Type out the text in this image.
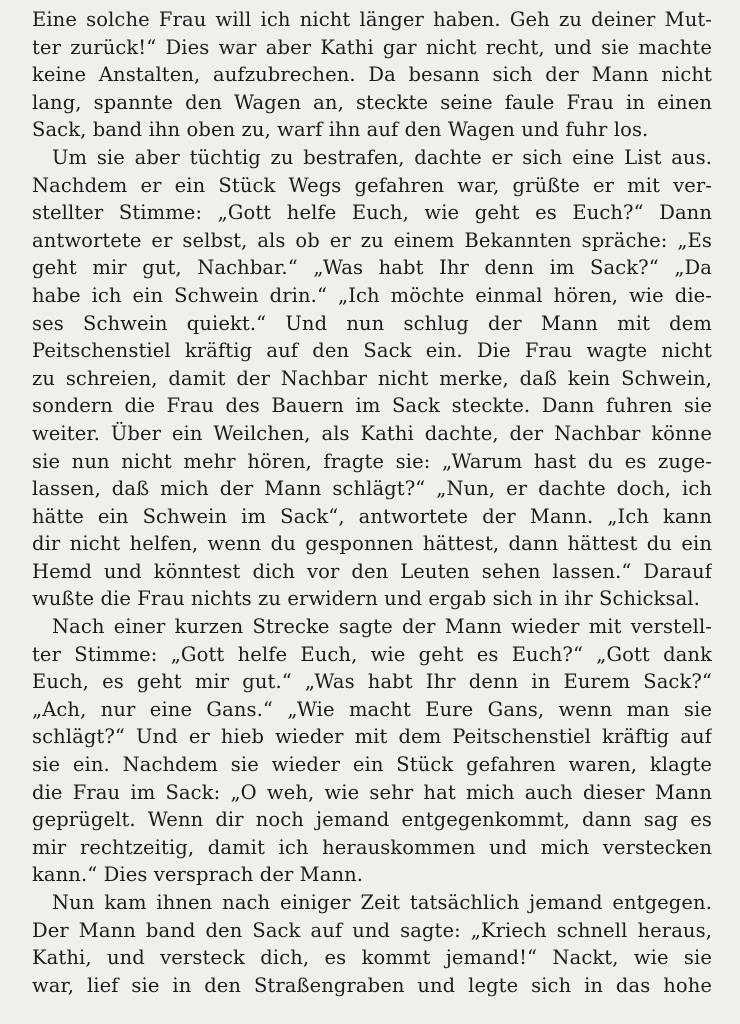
Eine solche Frau will ich nicht länger haben. Geh zu deiner Mut-
ter zurück!“ Dies war aber Kathi gar nicht recht, und sie machte
keine Anstalten, aufzubrechen. Da besann sich der Mann nicht
lang, spannte den Wagen an, steckte seine faule Frau in einen
Sack, band ihn oben zu, warf ihn auf den Wagen und fuhr los.
Um sie aber tüchtig zu bestrafen, dachte er sich eine List aus.
Nachdem er ein Stück Wegs gefahren war, grüßte er mit ver-
stellter Stimme: „Gott helfe Euch, wie geht es Euch?“ Dann
antwortete er selbst, als ob er zu einem Bekannten spräche: „Es
geht mir gut, Nachbar.“ „Was habt Ihr denn im Sack?“ „Da
habe ich ein Schwein drin.“ „Ich möchte einmal hören, wie die-
ses Schwein quiekt.“ Und nun schlug der Mann mit dem
Peitschenstiel kräftig auf den Sack ein. Die Frau wagte nicht
zu schreien, damit der Nachbar nicht merke, daß kein Schwein,
sondern die Frau des Bauern im Sack steckte. Dann fuhren sie
weiter. Über ein Weilchen, als Kathi dachte, der Nachbar könne
sie nun nicht mehr hören, fragte sie: „Warum hast du es zuge-
lassen, daß mich der Mann schlägt?“ „Nun, er dachte doch, ich
hätte ein Schwein im Sack“, antwortete der Mann. „Ich kann
dir nicht helfen, wenn du gesponnen hättest, dann hättest du ein
Hemd und könntest dich vor den Leuten sehen lassen.“ Darauf
wußte die Frau nichts zu erwidern und ergab sich in ihr Schicksal.
Nach einer kurzen Strecke sagte der Mann wieder mit verstell-
ter Stimme: „Gott helfe Euch, wie geht es Euch?“ „Gott dank
Euch, es geht mir gut.“ „Was habt Ihr denn in Eurem Sack?“
„Ach, nur eine Gans.“ „Wie macht Eure Gans, wenn man sie
schlägt?“ Und er hieb wieder mit dem Peitschenstiel kräftig auf
sie ein. Nachdem sie wieder ein Stück gefahren waren, klagte
die Frau im Sack: „O weh, wie sehr hat mich auch dieser Mann
geprügelt. Wenn dir noch jemand entgegenkommt, dann sag es
mir rechtzeitig, damit ich herauskommen und mich verstecken
kann.“ Dies versprach der Mann.
Nun kam ihnen nach einiger Zeit tatsächlich jemand entgegen.
Der Mann band den Sack auf und sagte: „Kriech schnell heraus,
Kathi, und versteck dich, es kommt jemand!“ Nackt, wie sie
war, lief sie in den Straßengraben und legte sich in das hohe
